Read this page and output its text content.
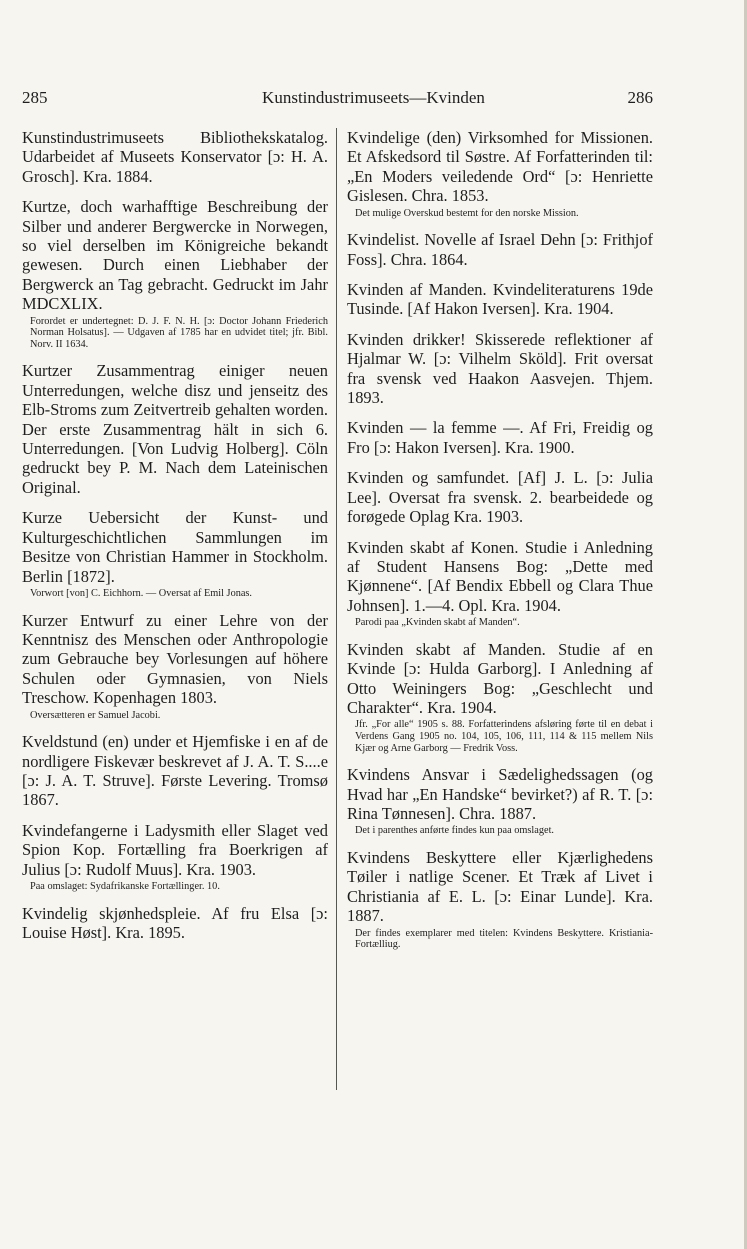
285	Kunstindustrimuseets—Kvinden	286
Kunstindustrimuseets Bibliothekskatalog. Udarbeidet af Museets Konservator [ɔ: H. A. Grosch]. Kra. 1884.
Kurtze, doch warhafftige Beschreibung der Silber und anderer Bergwercke in Norwegen, so viel derselben im Königreiche bekandt gewesen. Durch einen Liebhaber der Bergwerck an Tag gebracht. Gedruckt im Jahr MDCXLIX.
Forordet er undertegnet: D. J. F. N. H. [ɔ: Doctor Johann Friederich Norman Holsatus]. — Udgaven af 1785 har en udvidet titel; jfr. Bibl. Norv. II 1634.
Kurtzer Zusammentrag einiger neuen Unterredungen, welche disz und jenseitz des Elb-Stroms zum Zeitvertreib gehalten worden. Der erste Zusammentrag hält in sich 6. Unterredungen. [Von Ludvig Holberg]. Cöln gedruckt bey P. M. Nach dem Lateinischen Original.
Kurze Uebersicht der Kunst- und Kulturgeschichtlichen Sammlungen im Besitze von Christian Hammer in Stockholm. Berlin [1872].
Vorwort [von] C. Eichhorn. — Oversat af Emil Jonas.
Kurzer Entwurf zu einer Lehre von der Kenntnisz des Menschen oder Anthropologie zum Gebrauche bey Vorlesungen auf höhere Schulen oder Gymnasien, von Niels Treschow. Kopenhagen 1803.
Oversætteren er Samuel Jacobi.
Kveldstund (en) under et Hjemfiske i en af de nordligere Fiskevær beskrevet af J. A. T. S....e [ɔ: J. A. T. Struve]. Første Levering. Tromsø 1867.
Kvindefangerne i Ladysmith eller Slaget ved Spion Kop. Fortælling fra Boerkrigen af Julius [ɔ: Rudolf Muus]. Kra. 1903.
Paa omslaget: Sydafrikanske Fortællinger. 10.
Kvindelig skjønhedspleie. Af fru Elsa [ɔ: Louise Høst]. Kra. 1895.
Kvindelige (den) Virksomhed for Missionen. Et Afskedsord til Søstre. Af Forfatterinden til: „En Moders veiledende Ord“ [ɔ: Henriette Gislesen. Chra. 1853.
Det mulige Overskud bestemt for den norske Mission.
Kvindelist. Novelle af Israel Dehn [ɔ: Frithjof Foss]. Chra. 1864.
Kvinden af Manden. Kvindeliteraturens 19de Tusinde. [Af Hakon Iversen]. Kra. 1904.
Kvinden drikker! Skisserede reflektioner af Hjalmar W. [ɔ: Vilhelm Sköld]. Frit oversat fra svensk ved Haakon Aasvejen. Thjem. 1893.
Kvinden — la femme —. Af Fri, Freidig og Fro [ɔ: Hakon Iversen]. Kra. 1900.
Kvinden og samfundet. [Af] J. L. [ɔ: Julia Lee]. Oversat fra svensk. 2. bearbeidede og forøgede Oplag Kra. 1903.
Kvinden skabt af Konen. Studie i Anledning af Student Hansens Bog: „Dette med Kjønnene“. [Af Bendix Ebbell og Clara Thue Johnsen]. 1.—4. Opl. Kra. 1904.
Parodi paa „Kvinden skabt af Manden“.
Kvinden skabt af Manden. Studie af en Kvinde [ɔ: Hulda Garborg]. I Anledning af Otto Weiningers Bog: „Geschlecht und Charakter“. Kra. 1904.
Jfr. „For alle“ 1905 s. 88. Forfatterindens afsløring førte til en debat i Verdens Gang 1905 no. 104, 105, 106, 111, 114 & 115 mellem Nils Kjær og Arne Garborg — Fredrik Voss.
Kvindens Ansvar i Sædelighedssagen (og Hvad har „En Handske“ bevirket?) af R. T. [ɔ: Rina Tønnesen]. Chra. 1887.
Det i parenthes anførte findes kun paa omslaget.
Kvindens Beskyttere eller Kjærlighedens Tøiler i natlige Scener. Et Træk af Livet i Christiania af E. L. [ɔ: Einar Lunde]. Kra. 1887.
Der findes exemplarer med titelen: Kvindens Beskyttere. Kristiania-Fortælliug.
